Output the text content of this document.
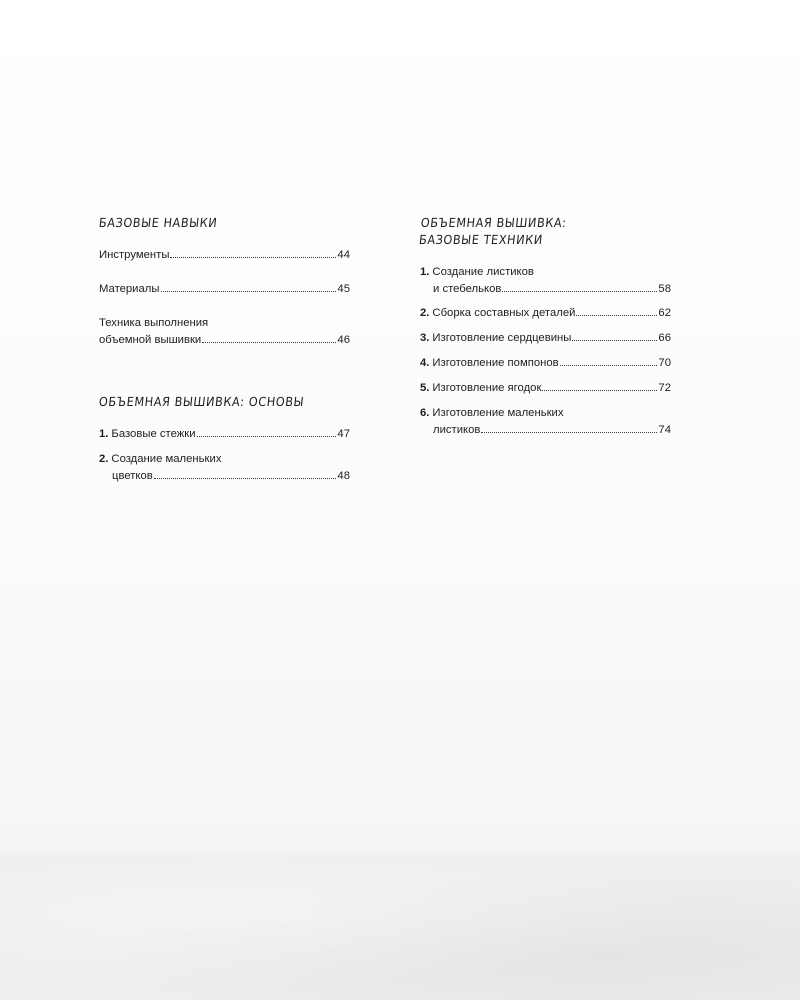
БАЗОВЫЕ НАВЫКИ
Инструменты	44
Материалы	45
Техника выполнения
объемной вышивки	46
ОБЪЕМНАЯ ВЫШИВКА: ОСНОВЫ
1. Базовые стежки	47
2. Создание маленьких
цветков	48
ОБЪЕМНАЯ ВЫШИВКА:
БАЗОВЫЕ ТЕХНИКИ
1. Создание листиков
и стебельков	58
2. Сборка составных деталей	62
3. Изготовление сердцевины	66
4. Изготовление помпонов	70
5. Изготовление ягодок	72
6. Изготовление маленьких
листиков	74
